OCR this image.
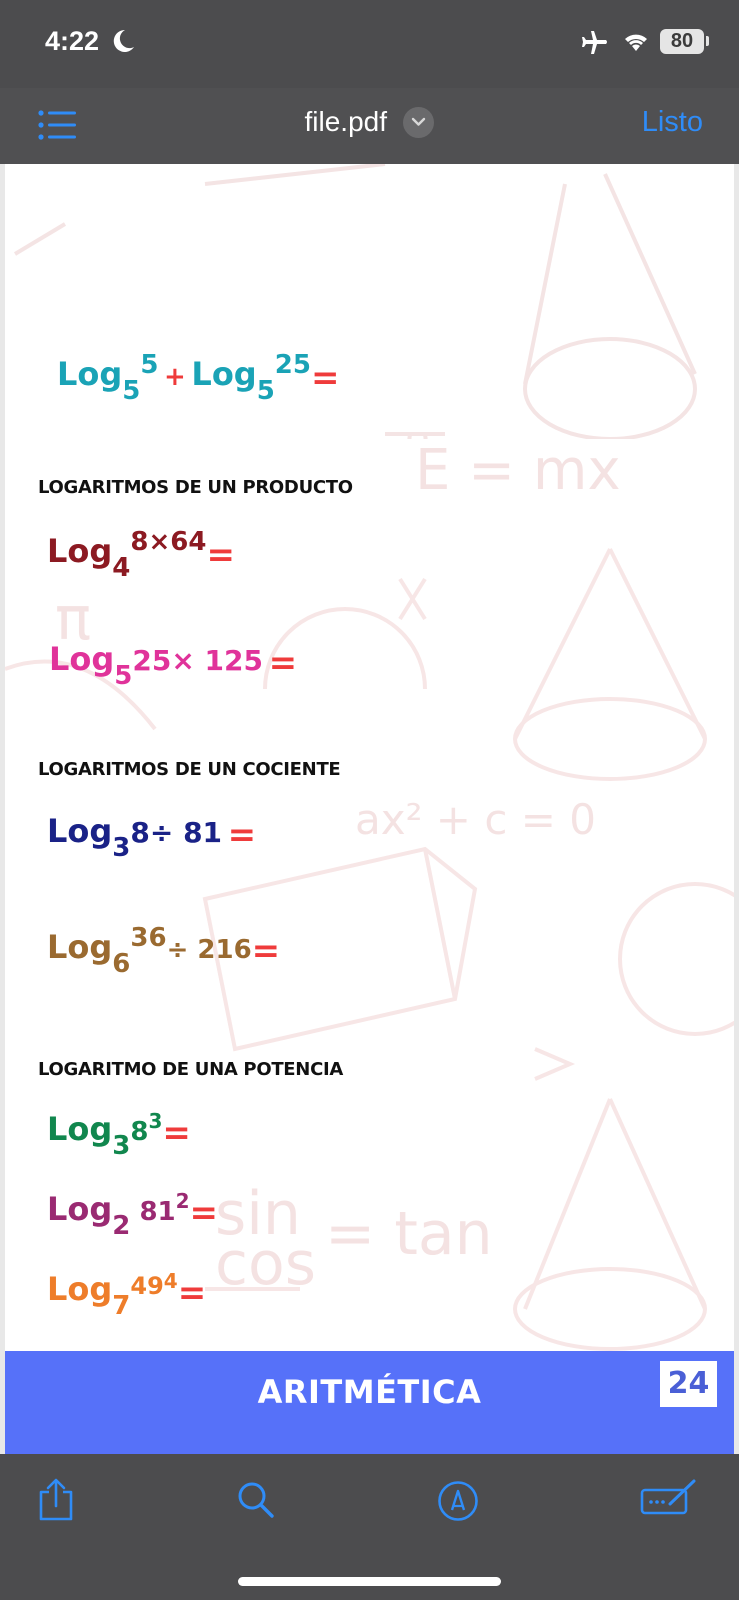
4:22	80
file.pdf	Listo
Log55 + Log525=
E = mx
ax² + c = 0
sin
cos = tan
π
LOGARITMOS DE UN PRODUCTO
Log48×64=
Log525× 125 =
LOGARITMOS DE UN COCIENTE
Log38÷ 81 =
Log636÷ 216=
LOGARITMO DE UNA POTENCIA
Log383=
Log2 812=
Log7494=
ARITMÉTICA	24
